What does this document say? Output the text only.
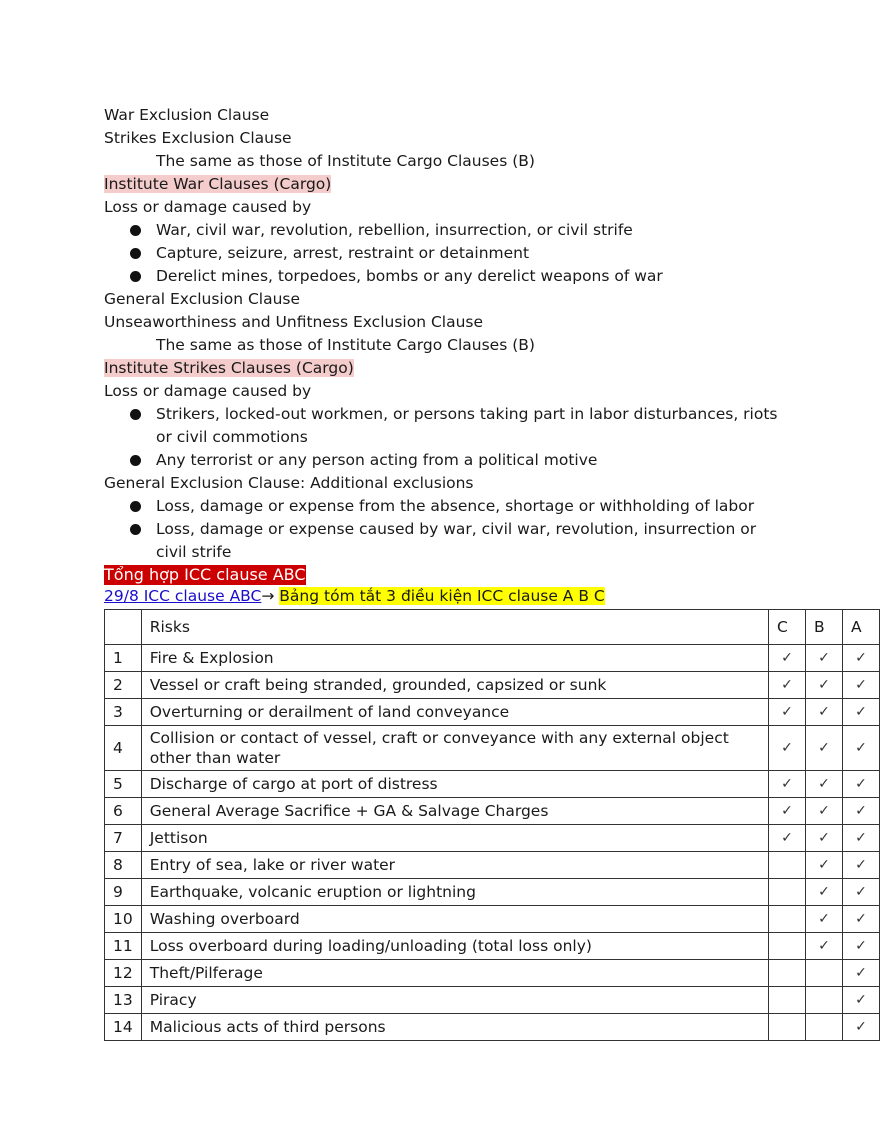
War Exclusion Clause
Strikes Exclusion Clause
The same as those of Institute Cargo Clauses (B)
Institute War Clauses (Cargo)
Loss or damage caused by
War, civil war, revolution, rebellion, insurrection, or civil strife
Capture, seizure, arrest, restraint or detainment
Derelict mines, torpedoes, bombs or any derelict weapons of war
General Exclusion Clause
Unseaworthiness and Unfitness Exclusion Clause
The same as those of Institute Cargo Clauses (B)
Institute Strikes Clauses (Cargo)
Loss or damage caused by
Strikers, locked-out workmen, or persons taking part in labor disturbances, riots
or civil commotions
Any terrorist or any person acting from a political motive
General Exclusion Clause: Additional exclusions
Loss, damage or expense from the absence, shortage or withholding of labor
Loss, damage or expense caused by war, civil war, revolution, insurrection or
civil strife
Tổng hợp ICC clause ABC
29/8 ICC clause ABC→ Bảng tóm tắt 3 điều kiện ICC clause A B C
	Risks	C	B	A
1	Fire & Explosion	✓	✓	✓
2	Vessel or craft being stranded, grounded, capsized or sunk	✓	✓	✓
3	Overturning or derailment of land conveyance	✓	✓	✓
4	Collision or contact of vessel, craft or conveyance with any external object other than water	✓	✓	✓
5	Discharge of cargo at port of distress	✓	✓	✓
6	General Average Sacrifice + GA & Salvage Charges	✓	✓	✓
7	Jettison	✓	✓	✓
8	Entry of sea, lake or river water		✓	✓
9	Earthquake, volcanic eruption or lightning		✓	✓
10	Washing overboard		✓	✓
11	Loss overboard during loading/unloading (total loss only)		✓	✓
12	Theft/Pilferage			✓
13	Piracy			✓
14	Malicious acts of third persons			✓
